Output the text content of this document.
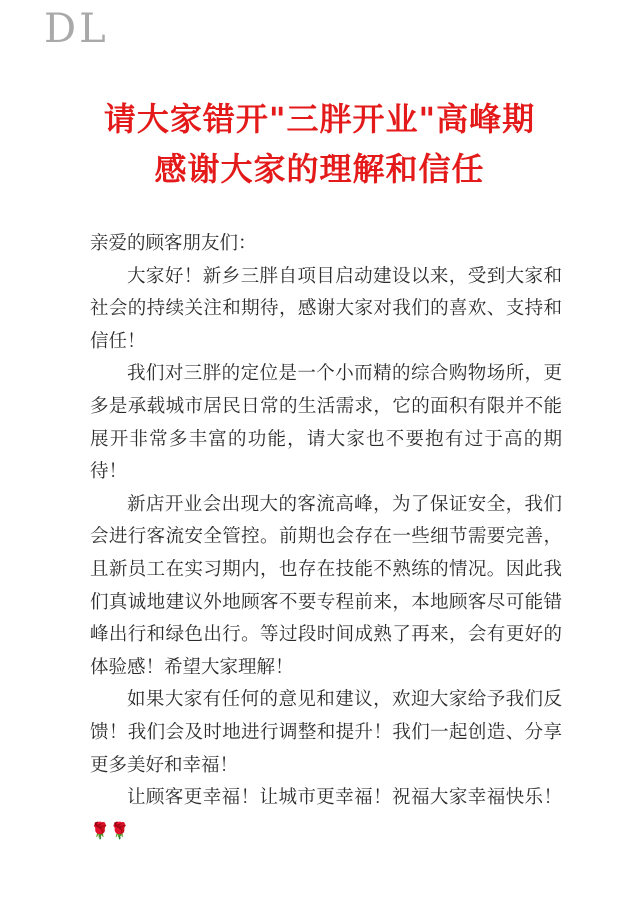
DL
请大家错开"三胖开业"高峰期
感谢大家的理解和信任

亲爱的顾客朋友们：

大家好！新乡三胖自项目启动建设以来，受到大家和社会的持续关注和期待，感谢大家对我们的喜欢、支持和信任！

我们对三胖的定位是一个小而精的综合购物场所，更多是承载城市居民日常的生活需求，它的面积有限并不能展开非常多丰富的功能，请大家也不要抱有过于高的期待！

新店开业会出现大的客流高峰，为了保证安全，我们会进行客流安全管控。前期也会存在一些细节需要完善，且新员工在实习期内，也存在技能不熟练的情况。因此我们真诚地建议外地顾客不要专程前来，本地顾客尽可能错峰出行和绿色出行。等过段时间成熟了再来，会有更好的体验感！希望大家理解！

如果大家有任何的意见和建议，欢迎大家给予我们反馈！我们会及时地进行调整和提升！我们一起创造、分享更多美好和幸福！

让顾客更幸福！让城市更幸福！祝福大家幸福快乐！🌹🌹
